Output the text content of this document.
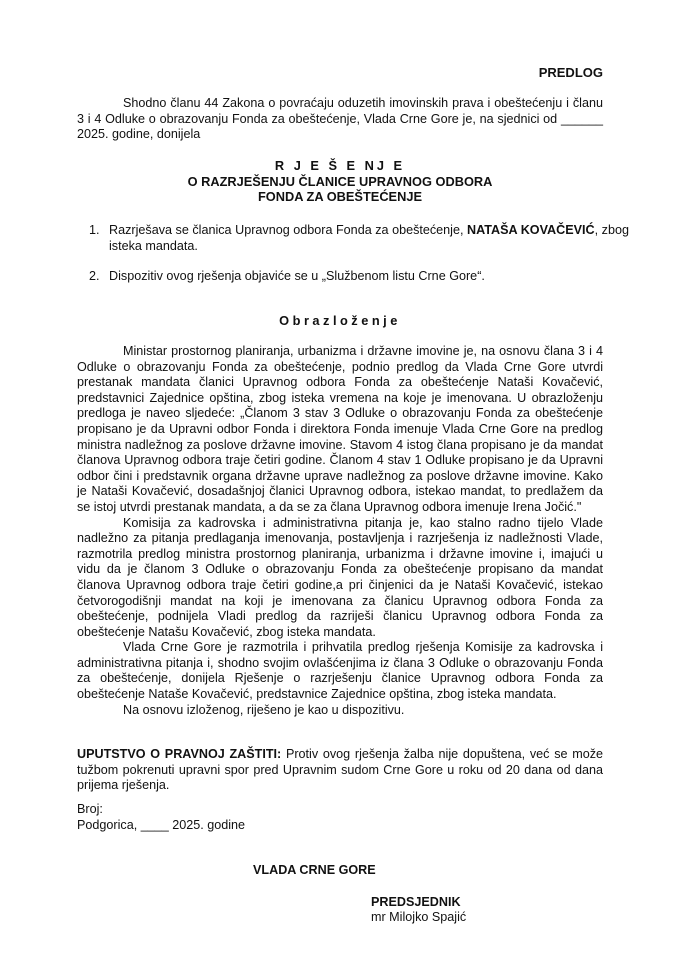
PREDLOG

Shodno članu 44 Zakona o povraćaju oduzetih imovinskih prava i obeštećenju i članu 3 i 4 Odluke o obrazovanju Fonda za obeštećenje, Vlada Crne Gore je, na sjednici od ______ 2025. godine, donijela

R J E Š E NJ E
O RAZRJEŠENJU ČLANICE UPRAVNOG ODBORA
FONDA ZA OBEŠTEĆENJE
1. Razrješava se članica Upravnog odbora Fonda za obeštećenje, NATAŠA KOVAČEVIĆ, zbog isteka mandata.
2. Dispozitiv ovog rješenja objaviće se u „Službenom listu Crne Gore“.
Obrazloženje

Ministar prostornog planiranja, urbanizma i državne imovine je, na osnovu člana 3 i 4 Odluke o obrazovanju Fonda za obeštećenje, podnio predlog da Vlada Crne Gore utvrdi prestanak mandata članici Upravnog odbora Fonda za obeštećenje Nataši Kovačević, predstavnici Zajednice opština, zbog isteka vremena na koje je imenovana. U obrazloženju predloga je naveo sljedeće: „Članom 3 stav 3 Odluke o obrazovanju Fonda za obeštećenje propisano je da Upravni odbor Fonda i direktora Fonda imenuje Vlada Crne Gore na predlog ministra nadležnog za poslove državne imovine. Stavom 4 istog člana propisano je da mandat članova Upravnog odbora traje četiri godine. Članom 4 stav 1 Odluke propisano je da Upravni odbor čini i predstavnik organa državne uprave nadležnog za poslove državne imovine. Kako je Nataši Kovačević, dosadašnjoj članici Upravnog odbora, istekao mandat, to predlažem da se istoj utvrdi prestanak mandata, a da se za člana Upravnog odbora imenuje Irena Jočić."

Komisija za kadrovska i administrativna pitanja je, kao stalno radno tijelo Vlade nadležno za pitanja predlaganja imenovanja, postavljenja i razrješenja iz nadležnosti Vlade, razmotrila predlog ministra prostornog planiranja, urbanizma i državne imovine i, imajući u vidu da je članom 3 Odluke o obrazovanju Fonda za obeštećenje propisano da mandat članova Upravnog odbora traje četiri godine,a pri činjenici da je Nataši Kovačević, istekao četvorogodišnji mandat na koji je imenovana za članicu Upravnog odbora Fonda za obeštećenje, podnijela Vladi predlog da razriješi članicu Upravnog odbora Fonda za obeštećenje Natašu Kovačević, zbog isteka mandata.

Vlada Crne Gore je razmotrila i prihvatila predlog rješenja Komisije za kadrovska i administrativna pitanja i, shodno svojim ovlašćenjima iz člana 3 Odluke o obrazovanju Fonda za obeštećenje, donijela Rješenje o razrješenju članice Upravnog odbora Fonda za obeštećenje Nataše Kovačević, predstavnice Zajednice opština, zbog isteka mandata.

Na osnovu izloženog, riješeno je kao u dispozitivu.

UPUTSTVO O PRAVNOJ ZAŠTITI: Protiv ovog rješenja žalba nije dopuštena, već se može tužbom pokrenuti upravni spor pred Upravnim sudom Crne Gore u roku od 20 dana od dana prijema rješenja.

Broj:
Podgorica, ____ 2025. godine
VLADA CRNE GORE
PREDSJEDNIK
mr Milojko Spajić
